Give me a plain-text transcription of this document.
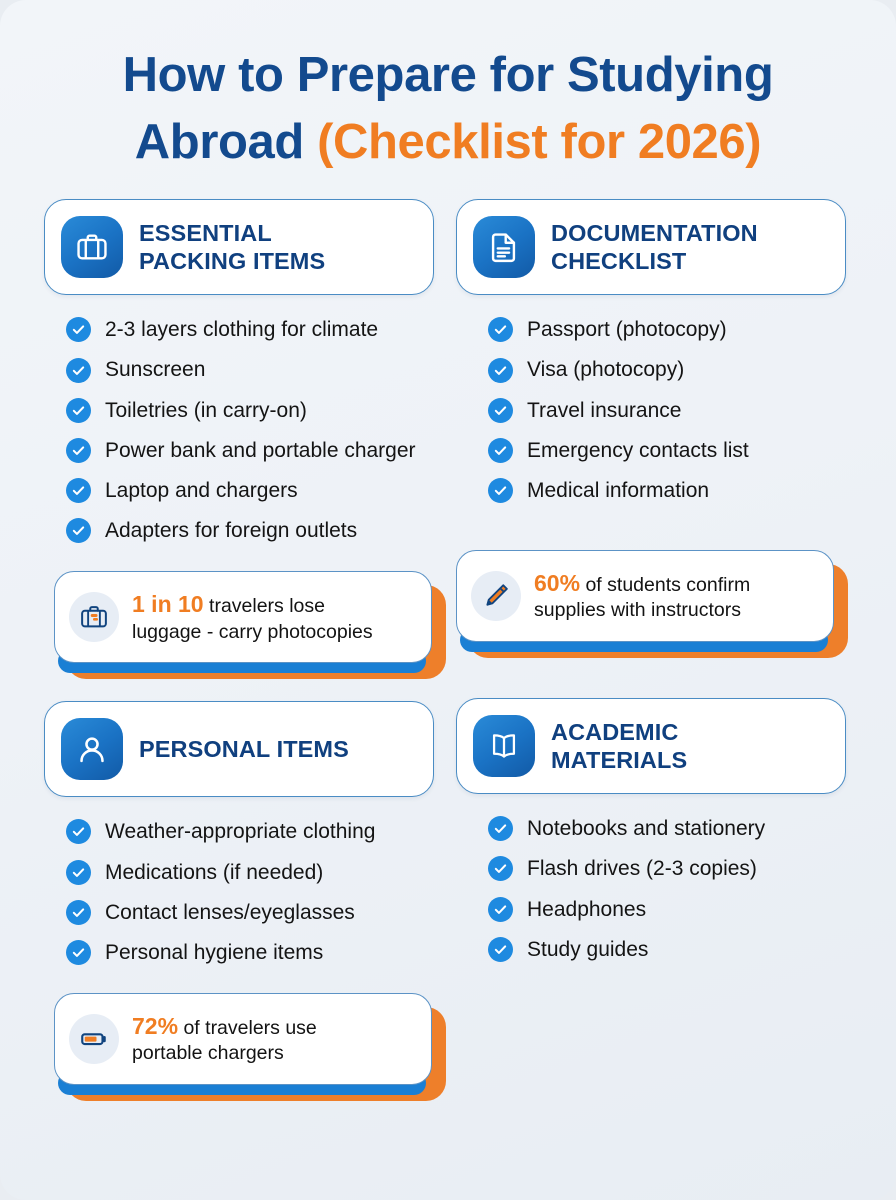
How to Prepare for Studying
Abroad (Checklist for 2026)
ESSENTIAL
PACKING ITEMS
2-3 layers clothing for climate
Sunscreen
Toiletries (in carry-on)
Power bank and portable charger
Laptop and chargers
Adapters for foreign outlets
1 in 10 travelers lose
luggage - carry photocopies
PERSONAL ITEMS
Weather-appropriate clothing
Medications (if needed)
Contact lenses/eyeglasses
Personal hygiene items
72% of travelers use
portable chargers
DOCUMENTATION
CHECKLIST
Passport (photocopy)
Visa (photocopy)
Travel insurance
Emergency contacts list
Medical information
60% of students confirm
supplies with instructors
ACADEMIC
MATERIALS
Notebooks and stationery
Flash drives (2-3 copies)
Headphones
Study guides
